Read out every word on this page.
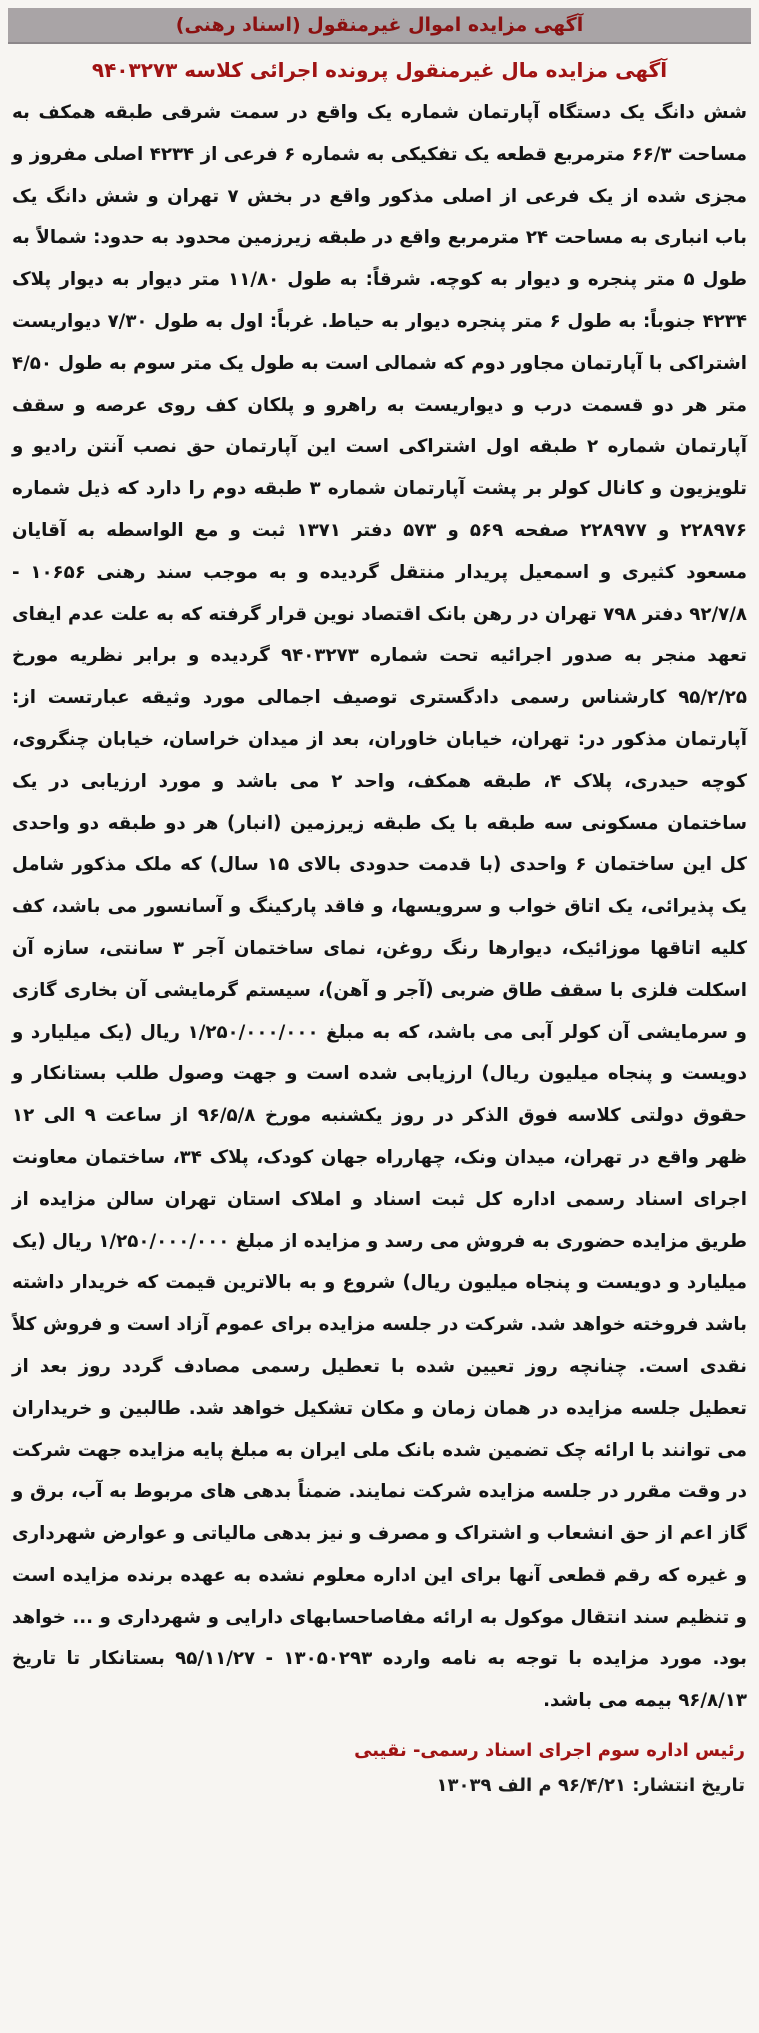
آگهی مزایده اموال غیرمنقول (اسناد رهنی)
آگهی مزایده مال غیرمنقول پرونده اجرائی کلاسه ۹۴۰۳۲۷۳

شش دانگ یک دستگاه آپارتمان شماره یک واقع در سمت شرقی طبقه همکف به مساحت ۶۶/۳ مترمربع قطعه یک تفکیکی به شماره ۶ فرعی از ۴۲۳۴ اصلی مفروز و مجزی شده از یک فرعی از اصلی مذکور واقع در بخش ۷ تهران و شش دانگ یک باب انباری به مساحت ۲۴ مترمربع واقع در طبقه زیرزمین محدود به حدود: شمالاً به طول ۵ متر پنجره و دیوار به کوچه. شرقاً: به طول ۱۱/۸۰ متر دیوار به دیوار پلاک ۴۲۳۴ جنوباً: به طول ۶ متر پنجره دیوار به حیاط. غرباً: اول به طول ۷/۳۰ دیواریست اشتراکی با آپارتمان مجاور دوم که شمالی است به طول یک متر سوم به طول ۴/۵۰ متر هر دو قسمت درب و دیواریست به راهرو و پلکان کف روی عرصه و سقف آپارتمان شماره ۲ طبقه اول اشتراکی است این آپارتمان حق نصب آنتن رادیو و تلویزیون و کانال کولر بر پشت آپارتمان شماره ۳ طبقه دوم را دارد که ذیل شماره ۲۲۸۹۷۶ و ۲۲۸۹۷۷ صفحه ۵۶۹ و ۵۷۳ دفتر ۱۳۷۱ ثبت و مع الواسطه به آقایان مسعود کثیری و اسمعیل پریدار منتقل گردیده و به موجب سند رهنی ۱۰۶۵۶ - ۹۲/۷/۸ دفتر ۷۹۸ تهران در رهن بانک اقتصاد نوین قرار گرفته که به علت عدم ایفای تعهد منجر به صدور اجرائیه تحت شماره ۹۴۰۳۲۷۳ گردیده و برابر نظریه مورخ ۹۵/۲/۲۵ کارشناس رسمی دادگستری توصیف اجمالی مورد وثیقه عبارتست از: آپارتمان مذکور در: تهران، خیابان خاوران، بعد از میدان خراسان، خیابان چنگروی، کوچه حیدری، پلاک ۴، طبقه همکف، واحد ۲ می باشد و مورد ارزیابی در یک ساختمان مسکونی سه طبقه با یک طبقه زیرزمین (انبار) هر دو طبقه دو واحدی کل این ساختمان ۶ واحدی (با قدمت حدودی بالای ۱۵ سال) که ملک مذکور شامل یک پذیرائی، یک اتاق خواب و سرویسها، و فاقد پارکینگ و آسانسور می باشد، کف کلیه اتاقها موزائیک، دیوارها رنگ روغن، نمای ساختمان آجر ۳ سانتی، سازه آن اسکلت فلزی با سقف طاق ضربی (آجر و آهن)، سیستم گرمایشی آن بخاری گازی و سرمایشی آن کولر آبی می باشد، که به مبلغ ۱/۲۵۰/۰۰۰/۰۰۰ ریال (یک میلیارد و دویست و پنجاه میلیون ریال) ارزیابی شده است و جهت وصول طلب بستانکار و حقوق دولتی کلاسه فوق الذکر در روز یکشنبه مورخ ۹۶/۵/۸ از ساعت ۹ الی ۱۲ ظهر واقع در تهران، میدان ونک، چهارراه جهان کودک، پلاک ۳۴، ساختمان معاونت اجرای اسناد رسمی اداره کل ثبت اسناد و املاک استان تهران سالن مزایده از طریق مزایده حضوری به فروش می رسد و مزایده از مبلغ ۱/۲۵۰/۰۰۰/۰۰۰ ریال (یک میلیارد و دویست و پنجاه میلیون ریال) شروع و به بالاترین قیمت که خریدار داشته باشد فروخته خواهد شد. شرکت در جلسه مزایده برای عموم آزاد است و فروش کلاً نقدی است. چنانچه روز تعیین شده با تعطیل رسمی مصادف گردد روز بعد از تعطیل جلسه مزایده در همان زمان و مکان تشکیل خواهد شد. طالبین و خریداران می توانند با ارائه چک تضمین شده بانک ملی ایران به مبلغ پایه مزایده جهت شرکت در وقت مقرر در جلسه مزایده شرکت نمایند. ضمناً بدهی های مربوط به آب، برق و گاز اعم از حق انشعاب و اشتراک و مصرف و نیز بدهی مالیاتی و عوارض شهرداری و غیره که رقم قطعی آنها برای این اداره معلوم نشده به عهده برنده مزایده است و تنظیم سند انتقال موکول به ارائه مفاصاحسابهای دارایی و شهرداری و ... خواهد بود. مورد مزایده با توجه به نامه وارده ۱۳۰۵۰۲۹۳ - ۹۵/۱۱/۲۷ بستانکار تا تاریخ ۹۶/۸/۱۳ بیمه می باشد.

رئیس اداره سوم اجرای اسناد رسمی- نقیبی
تاریخ انتشار: ۹۶/۴/۲۱ م الف ۱۳۰۳۹
